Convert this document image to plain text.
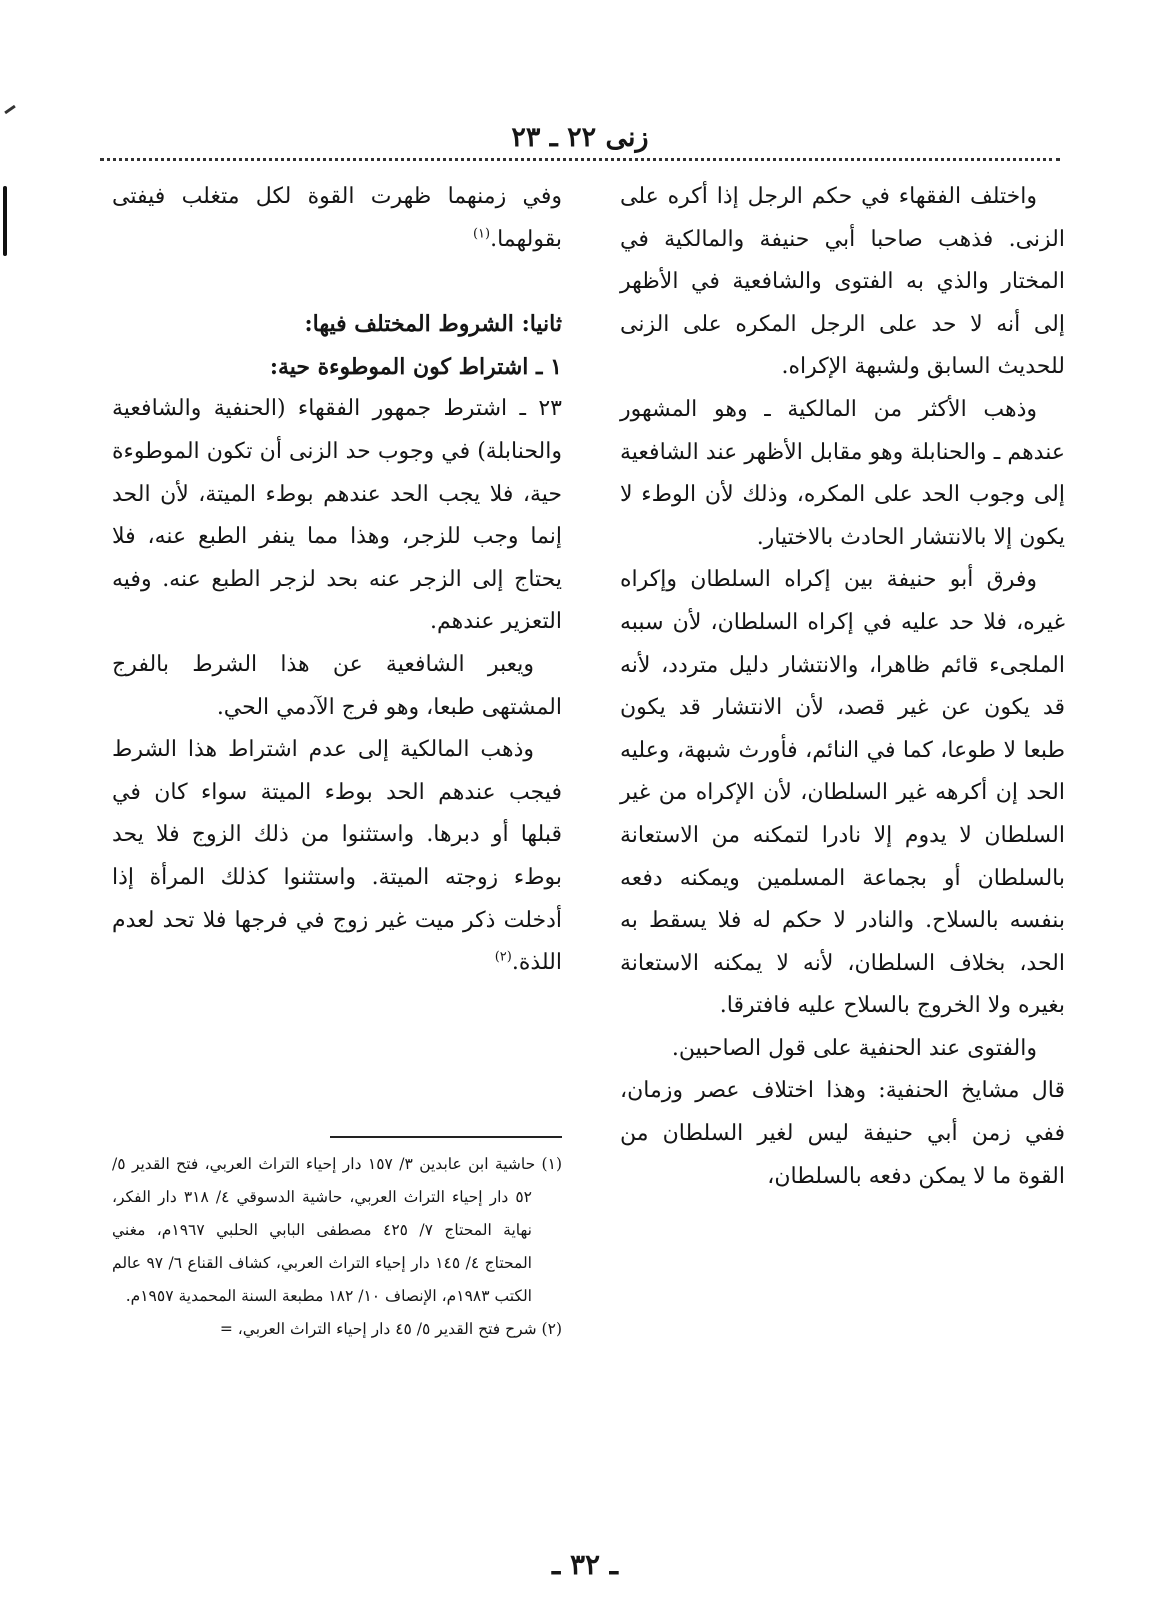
زنى ٢٢ ـ ٢٣

واختلف الفقهاء في حكم الرجل إذا أكره على الزنى. فذهب صاحبا أبي حنيفة والمالكية في المختار والذي به الفتوى والشافعية في الأظهر إلى أنه لا حد على الرجل المكره على الزنى للحديث السابق ولشبهة الإكراه.

وذهب الأكثر من المالكية ـ وهو المشهور عندهم ـ والحنابلة وهو مقابل الأظهر عند الشافعية إلى وجوب الحد على المكره، وذلك لأن الوطء لا يكون إلا بالانتشار الحادث بالاختيار.

وفرق أبو حنيفة بين إكراه السلطان وإكراه غيره، فلا حد عليه في إكراه السلطان، لأن سببه الملجىء قائم ظاهرا، والانتشار دليل متردد، لأنه قد يكون عن غير قصد، لأن الانتشار قد يكون طبعا لا طوعا، كما في النائم، فأورث شبهة، وعليه الحد إن أكرهه غير السلطان، لأن الإكراه من غير السلطان لا يدوم إلا نادرا لتمكنه من الاستعانة بالسلطان أو بجماعة المسلمين ويمكنه دفعه بنفسه بالسلاح. والنادر لا حكم له فلا يسقط به الحد، بخلاف السلطان، لأنه لا يمكنه الاستعانة بغيره ولا الخروج بالسلاح عليه فافترقا.

والفتوى عند الحنفية على قول الصاحبين.

قال مشايخ الحنفية: وهذا اختلاف عصر وزمان، ففي زمن أبي حنيفة ليس لغير السلطان من القوة ما لا يمكن دفعه بالسلطان،

وفي زمنهما ظهرت القوة لكل متغلب فيفتى بقولهما.$^{(١)}$

ثانيا: الشروط المختلف فيها:

١ ـ اشتراط كون الموطوءة حية:

٢٣ ـ اشترط جمهور الفقهاء (الحنفية والشافعية والحنابلة) في وجوب حد الزنى أن تكون الموطوءة حية، فلا يجب الحد عندهم بوطء الميتة، لأن الحد إنما وجب للزجر، وهذا مما ينفر الطبع عنه، فلا يحتاج إلى الزجر عنه بحد لزجر الطبع عنه. وفيه التعزير عندهم.

ويعبر الشافعية عن هذا الشرط بالفرج المشتهى طبعا، وهو فرج الآدمي الحي.

وذهب المالكية إلى عدم اشتراط هذا الشرط فيجب عندهم الحد بوطء الميتة سواء كان في قبلها أو دبرها. واستثنوا من ذلك الزوج فلا يحد بوطء زوجته الميتة. واستثنوا كذلك المرأة إذا أدخلت ذكر ميت غير زوج في فرجها فلا تحد لعدم اللذة.$^{(٢)}$

(١) حاشية ابن عابدين ٣/ ١٥٧ دار إحياء التراث العربي، فتح القدير ٥/ ٥٢ دار إحياء التراث العربي، حاشية الدسوقي ٤/ ٣١٨ دار الفكر، نهاية المحتاج ٧/ ٤٢٥ مصطفى البابي الحلبي ١٩٦٧م، مغني المحتاج ٤/ ١٤٥ دار إحياء التراث العربي، كشاف القناع ٦/ ٩٧ عالم الكتب ١٩٨٣م، الإنصاف ١٠/ ١٨٢ مطبعة السنة المحمدية ١٩٥٧م.

(٢) شرح فتح القدير ٥/ ٤٥ دار إحياء التراث العربي، =

ـ ٣٢ ـ
